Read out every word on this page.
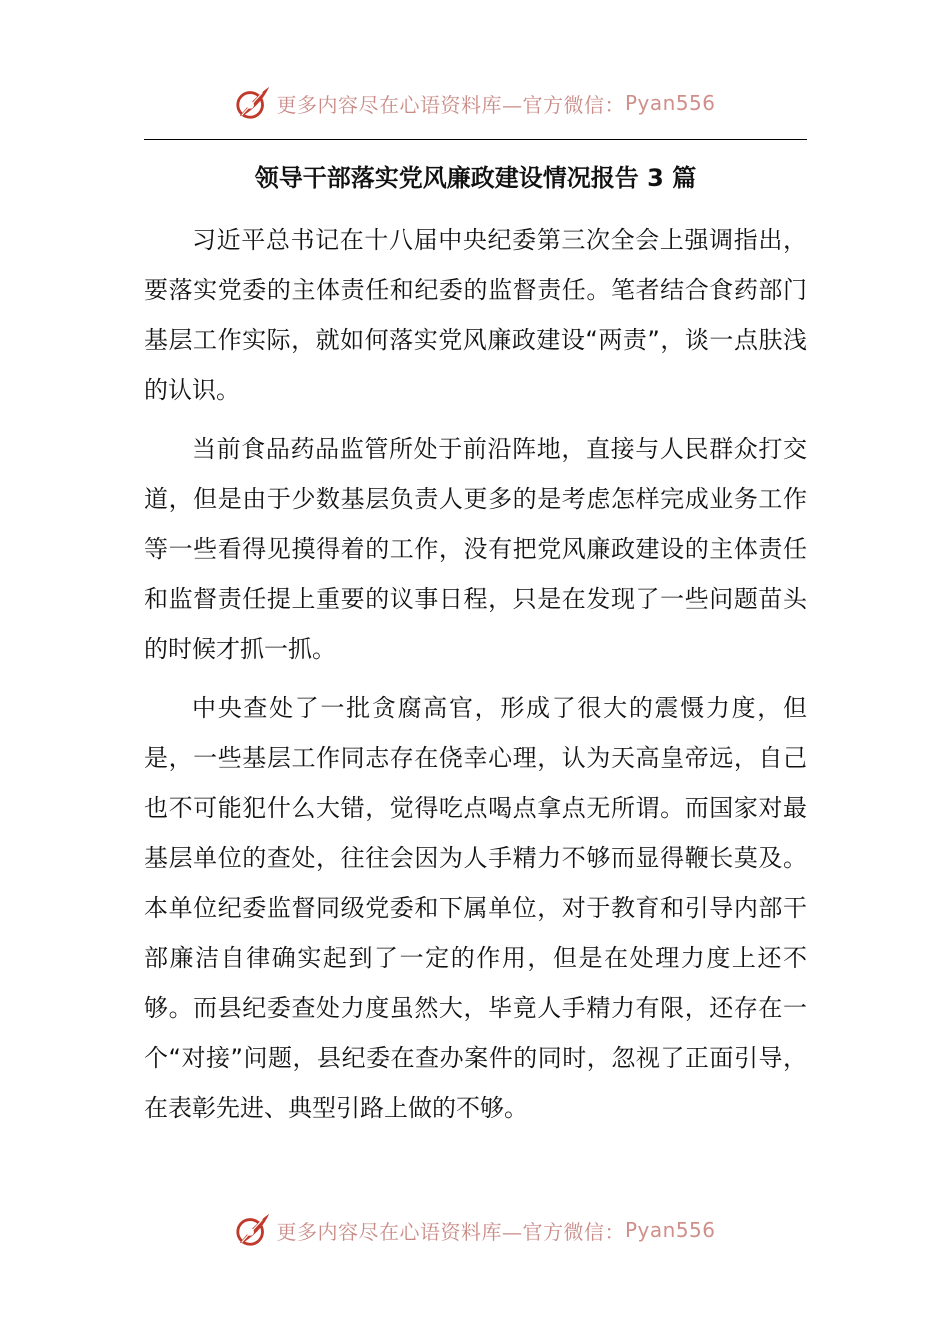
更多内容尽在心语资料库—官方微信： Pyan556
领导干部落实党风廉政建设情况报告 3 篇

习近平总书记在十八届中央纪委第三次全会上强调指出，要落实党委的主体责任和纪委的监督责任。笔者结合食药部门基层工作实际，就如何落实党风廉政建设“两责”，谈一点肤浅的认识。

当前食品药品监管所处于前沿阵地，直接与人民群众打交道，但是由于少数基层负责人更多的是考虑怎样完成业务工作等一些看得见摸得着的工作，没有把党风廉政建设的主体责任和监督责任提上重要的议事日程，只是在发现了一些问题苗头的时候才抓一抓。

中央查处了一批贪腐高官，形成了很大的震慑力度，但是，一些基层工作同志存在侥幸心理，认为天高皇帝远，自己也不可能犯什么大错，觉得吃点喝点拿点无所谓。而国家对最基层单位的查处，往往会因为人手精力不够而显得鞭长莫及。本单位纪委监督同级党委和下属单位，对于教育和引导内部干部廉洁自律确实起到了一定的作用，但是在处理力度上还不够。而县纪委查处力度虽然大，毕竟人手精力有限，还存在一个“对接”问题，县纪委在查办案件的同时，忽视了正面引导，在表彰先进、典型引路上做的不够。

更多内容尽在心语资料库—官方微信： Pyan556
